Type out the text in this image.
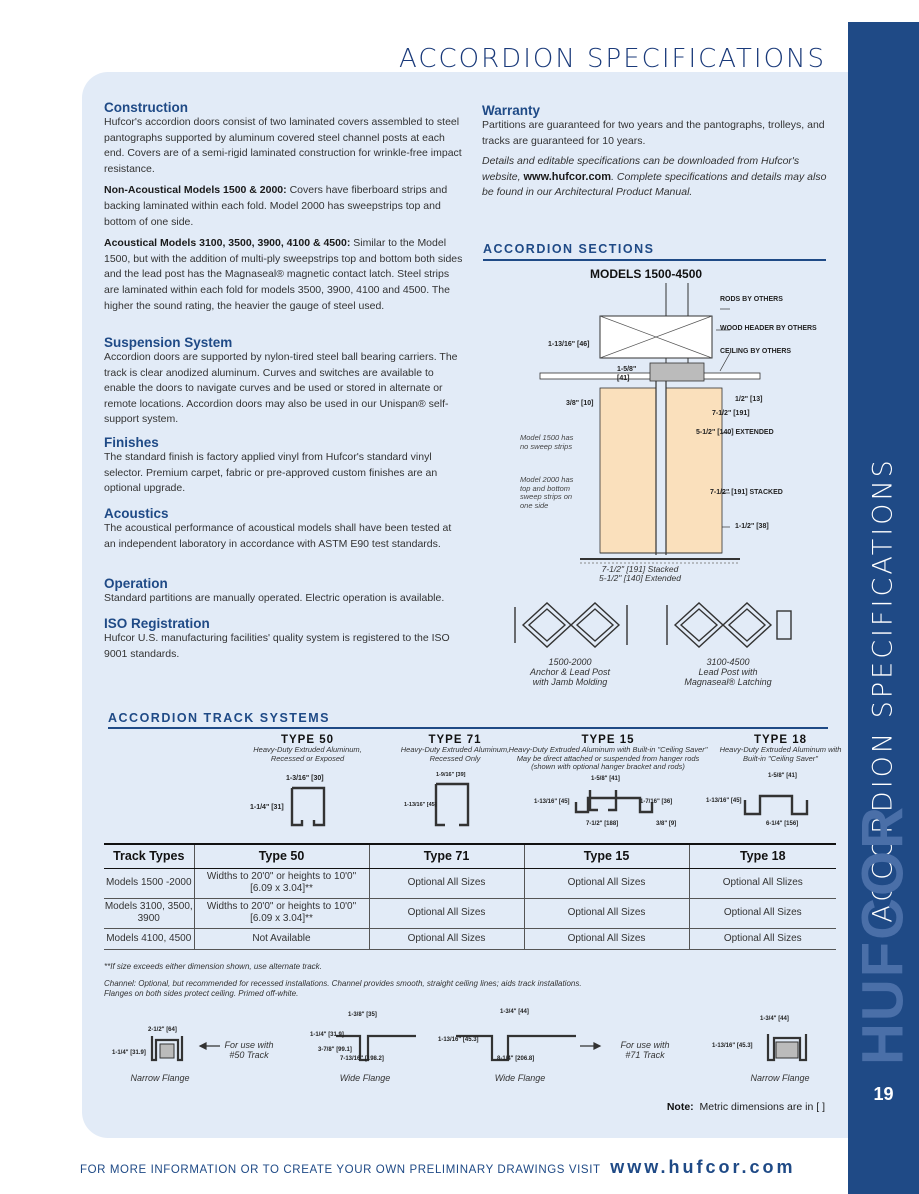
ACCORDION SPECIFICATIONS
HUFCOR
19
ACCORDION SPECIFICATIONS
Construction

Hufcor's accordion doors consist of two laminated covers assembled to steel pantographs supported by aluminum covered steel channel posts at each end. Covers are of a semi-rigid laminated construction for wrinkle-free impact resistance.

Non-Acoustical Models 1500 & 2000: Covers have fiberboard strips and backing laminated within each fold. Model 2000 has sweepstrips top and bottom of one side.

Acoustical Models 3100, 3500, 3900, 4100 & 4500: Similar to the Model 1500, but with the addition of multi-ply sweepstrips top and bottom both sides and the lead post has the Magnaseal® magnetic contact latch. Steel strips are laminated within each fold for models 3500, 3900, 4100 and 4500. The higher the sound rating, the heavier the gauge of steel used.

Suspension System

Accordion doors are supported by nylon-tired steel ball bearing carriers. The track is clear anodized aluminum. Curves and switches are available to enable the doors to navigate curves and be used or stored in alternate or remote locations. Accordion doors may also be used in our Unispan® self-support system.

Finishes

The standard finish is factory applied vinyl from Hufcor's standard vinyl selector. Premium carpet, fabric or pre-approved custom finishes are an optional upgrade.

Acoustics

The acoustical performance of acoustical models shall have been tested at an independent laboratory in accordance with ASTM E90 test standards.

Operation

Standard partitions are manually operated. Electric operation is available.

ISO Registration

Hufcor U.S. manufacturing facilities' quality system is registered to the ISO 9001 standards.

Warranty

Partitions are guaranteed for two years and the pantographs, trolleys, and tracks are guaranteed for 10 years.

Details and editable specifications can be downloaded from Hufcor's website, www.hufcor.com. Complete specifications and details may also be found in our Architectural Product Manual.

ACCORDION SECTIONS
MODELS 1500-4500
RODS BY OTHERS
WOOD HEADER BY OTHERS
CEILING BY OTHERS
1-13/16" [46]
1-5/8"
[41]
3/8" [10]
1/2" [13]
7-1/2" [191]
5-1/2" [140] EXTENDED
7-1/2" [191] STACKED
1-1/2" [38]
Model 1500 has no sweep strips
Model 2000 has top and bottom sweep strips on one side
7-1/2" [191] Stacked
5-1/2" [140] Extended
1500-2000
Anchor & Lead Post
with Jamb Molding
3100-4500
Lead Post with
Magnaseal® Latching
ACCORDION TRACK SYSTEMS
TYPE 50
Heavy-Duty Extruded Aluminum, Recessed or Exposed
TYPE 71
Heavy-Duty Extruded Aluminum, Recessed Only
TYPE 15
Heavy-Duty Extruded Aluminum with Built-in "Ceiling Saver" May be direct attached or suspended from hanger rods (shown with optional hanger bracket and rods)
TYPE 18
Heavy-Duty Extruded Aluminum with Built-in "Ceiling Saver"
1-3/16" [30]
1-1/4" [31]
1-9/16" [39]
1-13/16" [45]
1-5/8" [41]
1-13/16" [45]	1-7/16" [36]
7-1/2" [188]	3/8" [9]
1-5/8" [41]
1-13/16" [45]
6-1/4" [156]
Track Types	Type 50	Type 71	Type 15	Type 18
Models 1500 -2000	Widths to 20'0" or heights to 10'0" [6.09 x 3.04]**	Optional All Sizes	Optional All Sizes	Optional All Slizes
Models 3100, 3500, 3900	Widths to 20'0" or heights to 10'0" [6.09 x 3.04]**	Optional All Sizes	Optional All Sizes	Optional All Sizes
Models 4100, 4500	Not Available	Optional All Sizes	Optional All Sizes	Optional All Sizes
**If size exceeds either dimension shown, use alternate track.
Channel: Optional, but recommended for recessed installations. Channel provides smooth, straight ceiling lines; aids track installations.
Flanges on both sides protect ceiling. Primed off-white.
2-1/2" [64]
1-1/4" [31.9]
Narrow Flange
For use with
#50 Track
1-3/8" [35]
1-1/4" [31.9]
3-7/8" [99.1]
7-13/16" [198.2]
Wide Flange
1-3/4" [44]
1-13/16" [45.3]
8-1/4" [206.8]
Wide Flange
For use with
#71 Track
1-3/4" [44]
1-13/16" [45.3]
Narrow Flange
Note: Metric dimensions are in [ ]
FOR MORE INFORMATION OR TO CREATE YOUR OWN PRELIMINARY DRAWINGS VISIT www.hufcor.com
